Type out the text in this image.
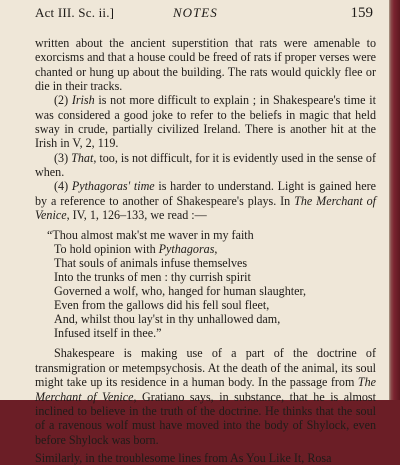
Act III. Sc. ii.]	NOTES	159
written about the ancient superstition that rats were amenable to exorcisms and that a house could be freed of rats if proper verses were chanted or hung up about the building. The rats would quickly flee or die in their tracks.
(2) Irish is not more difficult to explain ; in Shakespeare's time it was considered a good joke to refer to the beliefs in magic that held sway in crude, partially civilized Ireland. There is another hit at the Irish in V, 2, 119.
(3) That, too, is not difficult, for it is evidently used in the sense of when.
(4) Pythagoras' time is harder to understand. Light is gained here by a reference to another of Shakespeare's plays. In The Merchant of Venice, IV, 1, 126–133, we read :—
“Thou almost mak'st me waver in my faith
To hold opinion with Pythagoras,
That souls of animals infuse themselves
Into the trunks of men : thy currish spirit
Governed a wolf, who, hanged for human slaughter,
Even from the gallows did his fell soul fleet,
And, whilst thou lay'st in thy unhallowed dam,
Infused itself in thee.”
Shakespeare is making use of a part of the doctrine of transmigration or metempsychosis. At the death of the animal, its soul might take up its residence in a human body. In the passage from The Merchant of Venice, Gratiano says, in substance, that he is almost inclined to believe in the truth of the doctrine. He thinks that the soul of a ravenous wolf must have moved into the body of Shylock, even before Shylock was born.
Similarly, in the troublesome lines from As You Like It, Rosa
